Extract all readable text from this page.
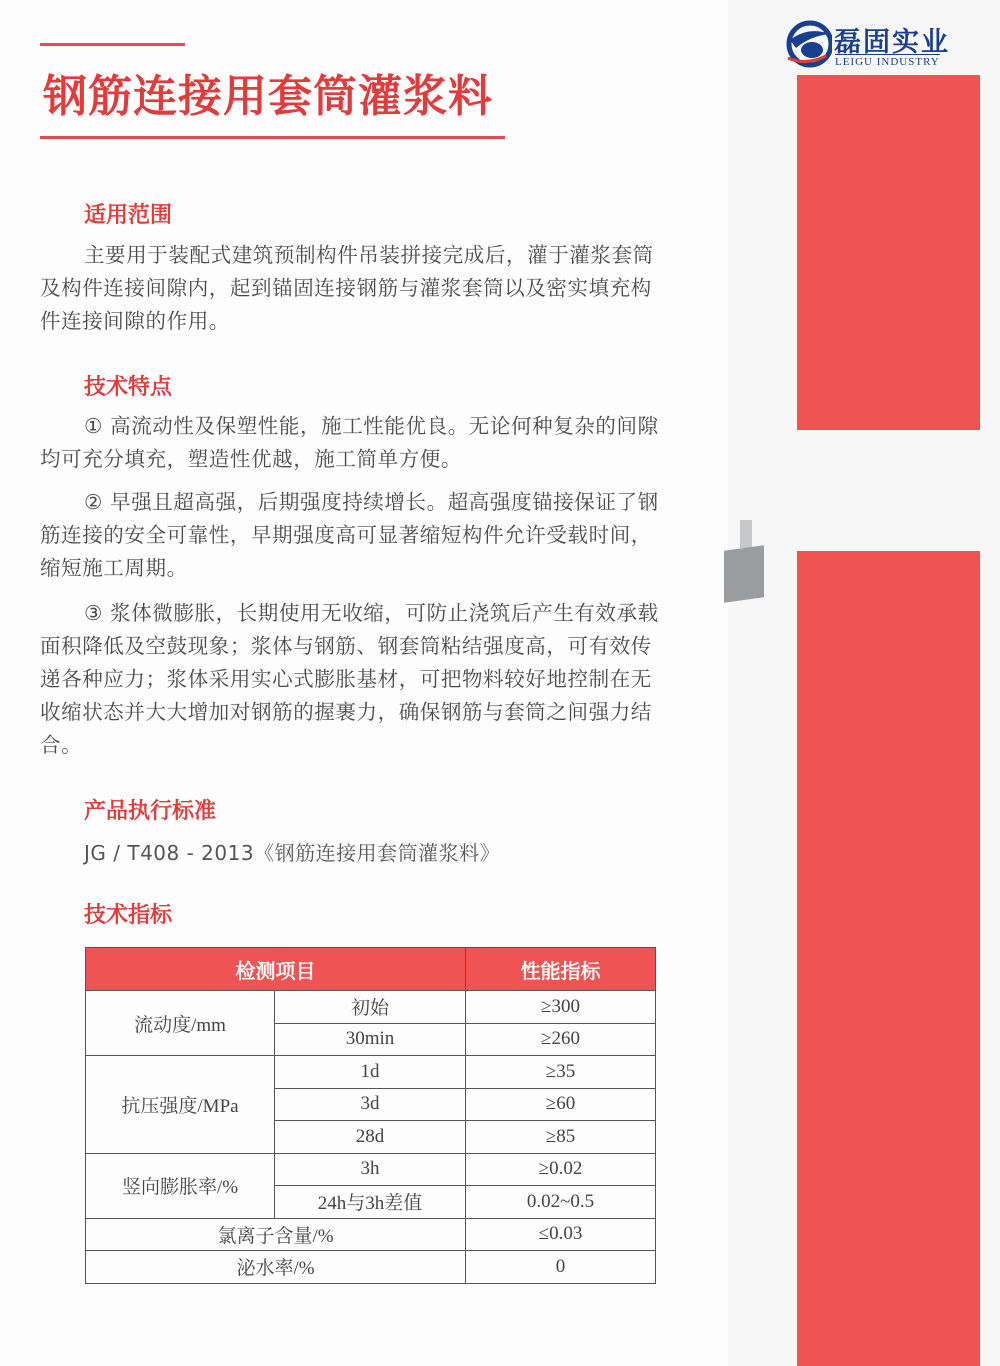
磊固实业
LEIGU INDUSTRY
钢筋连接用套筒灌浆料
适用范围

主要用于装配式建筑预制构件吊装拼接完成后，灌于灌浆套筒及构件连接间隙内，起到锚固连接钢筋与灌浆套筒以及密实填充构件连接间隙的作用。

技术特点

① 高流动性及保塑性能，施工性能优良。无论何种复杂的间隙均可充分填充，塑造性优越，施工简单方便。

② 早强且超高强，后期强度持续增长。超高强度锚接保证了钢筋连接的安全可靠性，早期强度高可显著缩短构件允许受载时间，缩短施工周期。

③ 浆体微膨胀，长期使用无收缩，可防止浇筑后产生有效承载面积降低及空鼓现象；浆体与钢筋、钢套筒粘结强度高，可有效传递各种应力；浆体采用实心式膨胀基材，可把物料较好地控制在无收缩状态并大大增加对钢筋的握裹力，确保钢筋与套筒之间强力结合。

产品执行标准

JG / T408 - 2013《钢筋连接用套筒灌浆料》

技术指标
检测项目		性能指标
流动度/mm	初始	≥300
	30min	≥260
抗压强度/MPa	1d	≥35
	3d	≥60
	28d	≥85
竖向膨胀率/%	3h	≥0.02
	24h与3h差值	0.02~0.5
氯离子含量/%		≤0.03
泌水率/%		0
